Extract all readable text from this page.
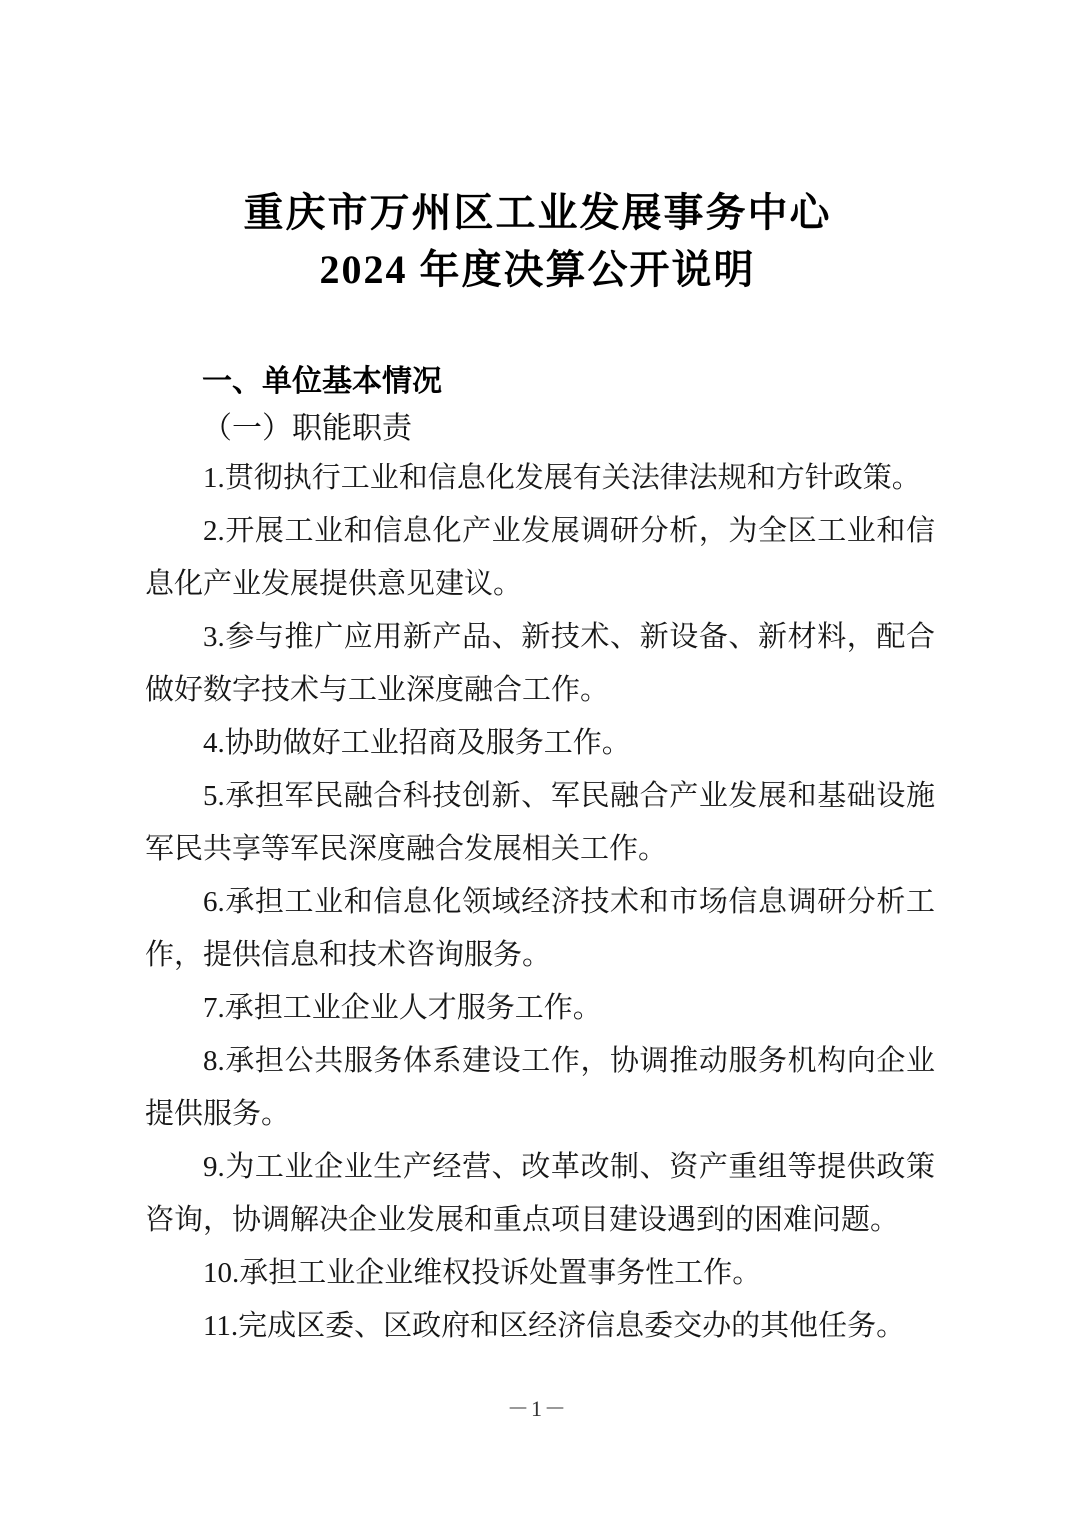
重庆市万州区工业发展事务中心
2024 年度决算公开说明
一、单位基本情况
（一）职能职责

1.贯彻执行工业和信息化发展有关法律法规和方针政策。

2.开展工业和信息化产业发展调研分析，为全区工业和信息化产业发展提供意见建议。

3.参与推广应用新产品、新技术、新设备、新材料，配合做好数字技术与工业深度融合工作。

4.协助做好工业招商及服务工作。

5.承担军民融合科技创新、军民融合产业发展和基础设施军民共享等军民深度融合发展相关工作。

6.承担工业和信息化领域经济技术和市场信息调研分析工作，提供信息和技术咨询服务。

7.承担工业企业人才服务工作。

8.承担公共服务体系建设工作，协调推动服务机构向企业提供服务。

9.为工业企业生产经营、改革改制、资产重组等提供政策咨询，协调解决企业发展和重点项目建设遇到的困难问题。

10.承担工业企业维权投诉处置事务性工作。

11.完成区委、区政府和区经济信息委交办的其他任务。

－1－
